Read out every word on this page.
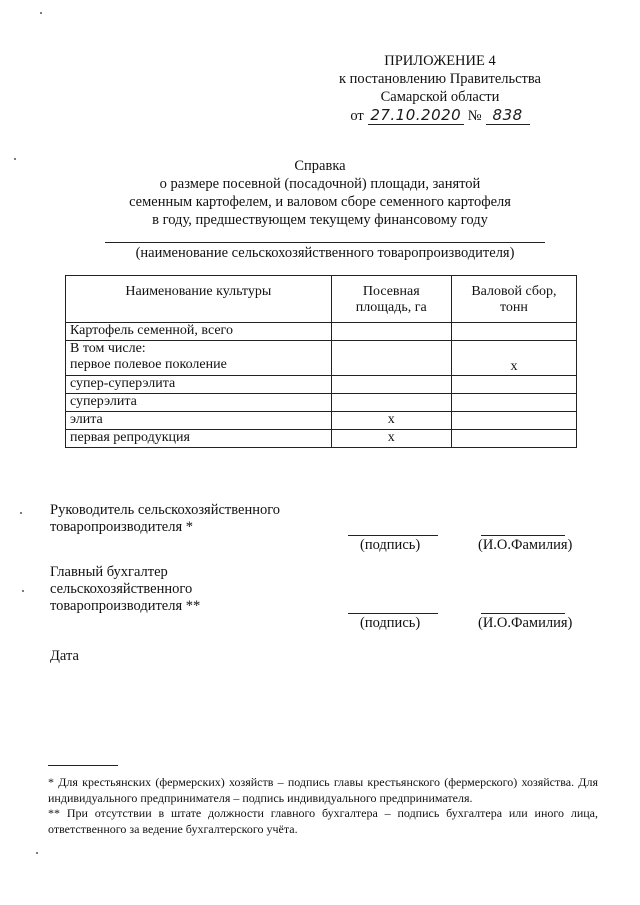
ПРИЛОЖЕНИЕ 4
к постановлению Правительства
Самарской области
от 27.10.2020 № 838
Справка
о размере посевной (посадочной) площади, занятой
семенным картофелем, и валовом сборе семенного картофеля
в году, предшествующем текущему финансовому году
(наименование сельскохозяйственного товаропроизводителя)
Наименование культуры	Посевная площадь, га	Валовой сбор, тонн
Картофель семенной, всего		

В том числе:
первое полевое поколение		x
супер-суперэлита		
суперэлита		
элита	x	
первая репродукция	x	
Руководитель сельскохозяйственного
товаропроизводителя *
(подпись)	(И.О.Фамилия)
Главный бухгалтер
сельскохозяйственного
товаропроизводителя **
(подпись)	(И.О.Фамилия)
Дата
* Для крестьянских (фермерских) хозяйств – подпись главы крестьянского (фермерского) хозяйства. Для индивидуального предпринимателя – подпись индивидуального предпринимателя.
** При отсутствии в штате должности главного бухгалтера – подпись бухгалтера или иного лица, ответственного за ведение бухгалтерского учёта.
